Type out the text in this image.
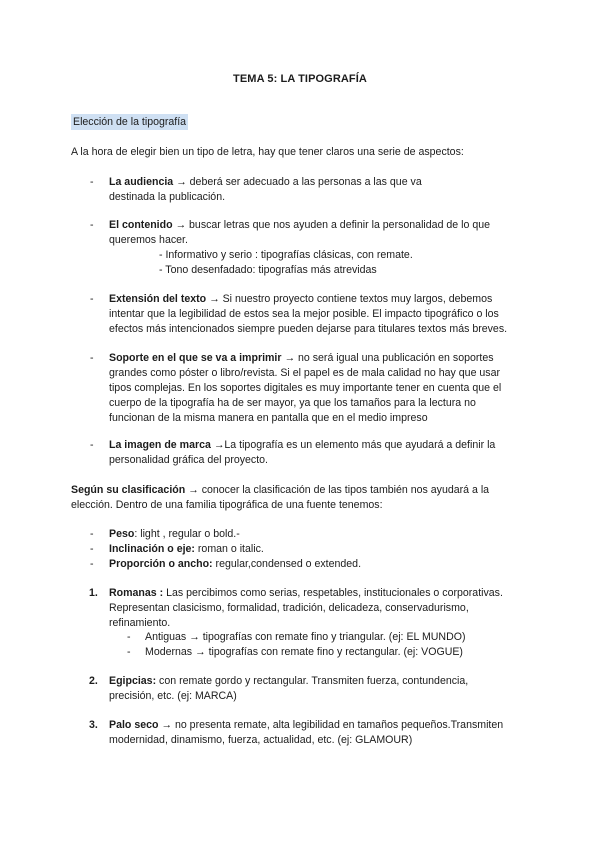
TEMA 5: LA TIPOGRAFÍA
Elección de la tipografía
A la hora de elegir bien un tipo de letra, hay que tener claros una serie de aspectos:
- La audiencia → deberá ser adecuado a las personas a las que va
destinada la publicación.
- El contenido → buscar letras que nos ayuden a definir la personalidad de lo que
queremos hacer.
- Informativo y serio : tipografías clásicas, con remate.
- Tono desenfadado: tipografías más atrevidas
- Extensión del texto → Si nuestro proyecto contiene textos muy largos, debemos
intentar que la legibilidad de estos sea la mejor posible. El impacto tipográfico o los
efectos más intencionados siempre pueden dejarse para titulares textos más breves.
- Soporte en el que se va a imprimir → no será igual una publicación en soportes
grandes como póster o libro/revista. Si el papel es de mala calidad no hay que usar
tipos complejas. En los soportes digitales es muy importante tener en cuenta que el
cuerpo de la tipografía ha de ser mayor, ya que los tamaños para la lectura no
funcionan de la misma manera en pantalla que en el medio impreso
- La imagen de marca →La tipografía es un elemento más que ayudará a definir la
personalidad gráfica del proyecto.
Según su clasificación → conocer la clasificación de las tipos también nos ayudará a la
elección. Dentro de una familia tipográfica de una fuente tenemos:
- Peso: light , regular o bold.-
- Inclinación o eje: roman o italic.
- Proporción o ancho: regular,condensed o extended.
1. Romanas : Las percibimos como serias, respetables, institucionales o corporativas.
Representan clasicismo, formalidad, tradición, delicadeza, conservadurismo,
refinamiento.
- Antiguas → tipografías con remate fino y triangular. (ej: EL MUNDO)
- Modernas → tipografías con remate fino y rectangular. (ej: VOGUE)
2. Egipcias: con remate gordo y rectangular. Transmiten fuerza, contundencia,
precisión, etc. (ej: MARCA)
3. Palo seco → no presenta remate, alta legibilidad en tamaños pequeños.Transmiten
modernidad, dinamismo, fuerza, actualidad, etc. (ej: GLAMOUR)
